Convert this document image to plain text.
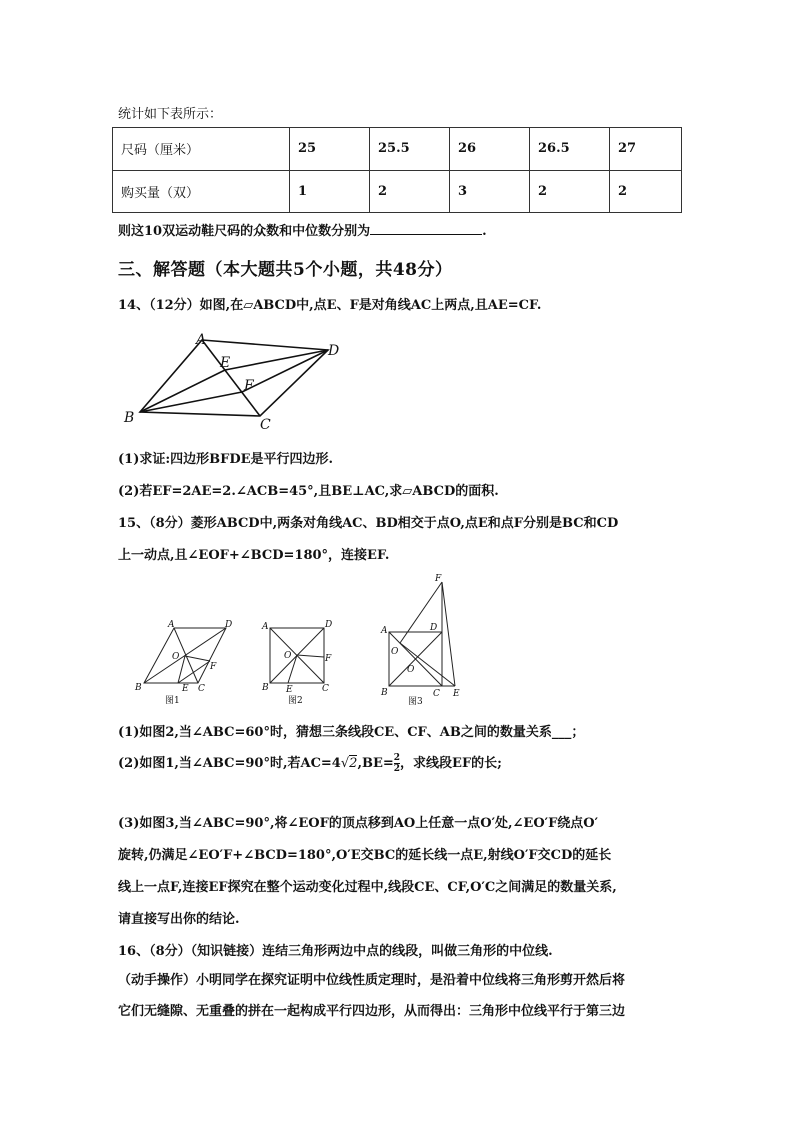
统计如下表所示：
尺码（厘米）	25	25.5	26	26.5	27
购买量（双）	1	2	3	2	2
则这10双运动鞋尺码的众数和中位数分别为	.
三、解答题（本大题共5个小题，共48分）
14、（12分）如图,在▱ABCD中,点E、F是对角线AC上两点,且AE=CF.
A
E
D
F
B	C
(1)求证:四边形BFDE是平行四边形.
(2)若EF=2AE=2.∠ACB=45°,且BE⊥AC,求▱ABCD的面积.
15、（8分）菱形ABCD中,两条对角线AC、BD相交于点O,点E和点F分别是BC和CD
上一动点,且∠EOF+∠BCD=180°，连接EF.
A	D
O
F
B	E C
图1
A	D
O	F
B E	C
图2
F
A	D
O
O
B	C E
图3
(1)如图2,当∠ABC=60°时，猜想三条线段CE、CF、AB之间的数量关系___；
(2)如图1,当∠ABC=90°时,若$AC=4√2,BE= \frac{2}{2}$ ，求线段EF的长;
(3)如图3,当∠ABC=90°,将∠EOF的顶点移到AO上任意一点O′处,∠EO′F绕点O′
旋转,仍满足∠EO′F+∠BCD=180°,O′E交BC的延长线一点E,射线O′F交CD的延长
线上一点F,连接EF探究在整个运动变化过程中,线段CE、CF,O′C之间满足的数量关系,
请直接写出你的结论.
16、（8分）（知识链接）连结三角形两边中点的线段，叫做三角形的中位线.
（动手操作）小明同学在探究证明中位线性质定理时，是沿着中位线将三角形剪开然后将
它们无缝隙、无重叠的拼在一起构成平行四边形，从而得出：三角形中位线平行于第三边
